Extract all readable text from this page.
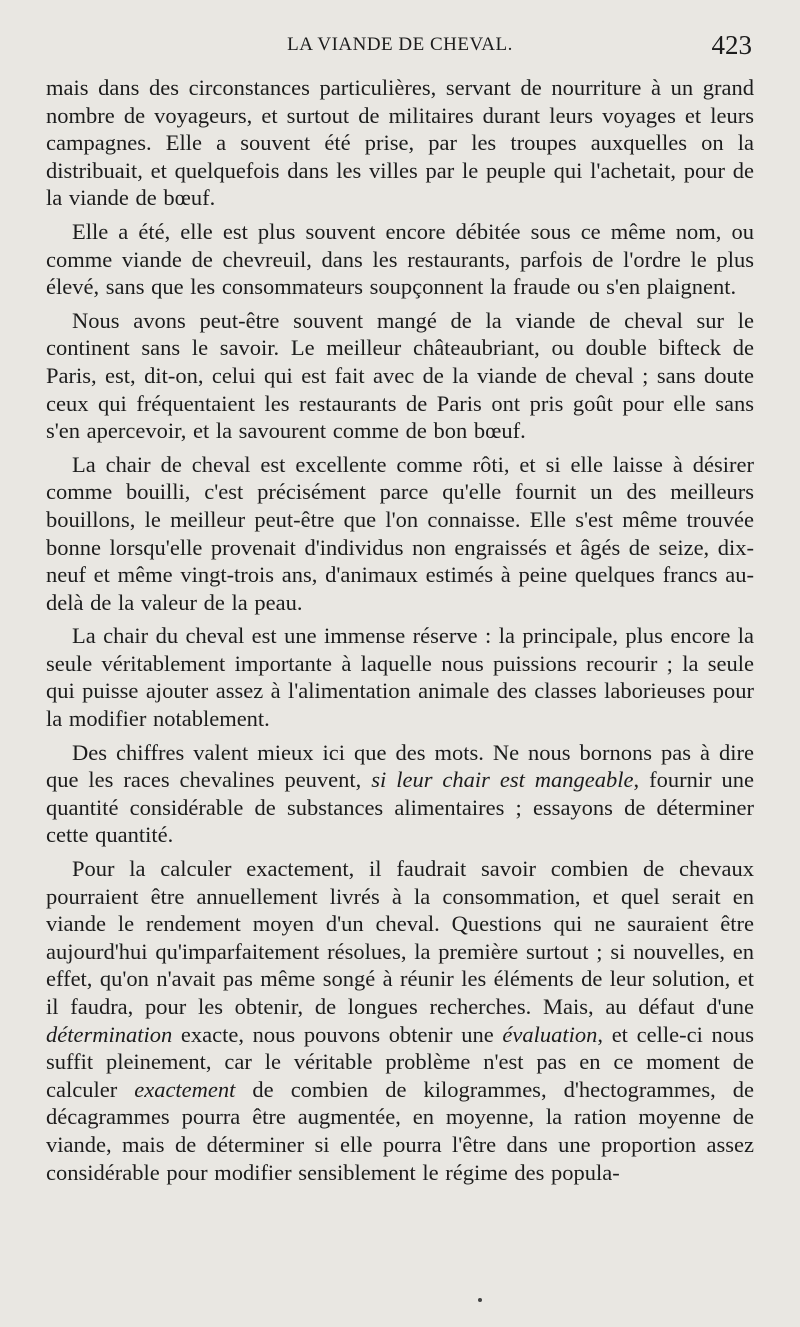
LA VIANDE DE CHEVAL.	423

mais dans des circonstances particulières, servant de nourriture à un grand nombre de voyageurs, et surtout de militaires durant leurs voyages et leurs campagnes. Elle a souvent été prise, par les troupes auxquelles on la distribuait, et quelquefois dans les villes par le peuple qui l'achetait, pour de la viande de bœuf.

Elle a été, elle est plus souvent encore débitée sous ce même nom, ou comme viande de chevreuil, dans les restaurants, parfois de l'ordre le plus élevé, sans que les consommateurs soupçonnent la fraude ou s'en plaignent.

Nous avons peut-être souvent mangé de la viande de cheval sur le continent sans le savoir. Le meilleur châteaubriant, ou double bifteck de Paris, est, dit-on, celui qui est fait avec de la viande de cheval ; sans doute ceux qui fréquentaient les restaurants de Paris ont pris goût pour elle sans s'en apercevoir, et la savourent comme de bon bœuf.

La chair de cheval est excellente comme rôti, et si elle laisse à désirer comme bouilli, c'est précisément parce qu'elle fournit un des meilleurs bouillons, le meilleur peut-être que l'on connaisse. Elle s'est même trouvée bonne lorsqu'elle provenait d'individus non engraissés et âgés de seize, dix-neuf et même vingt-trois ans, d'animaux estimés à peine quelques francs au-delà de la valeur de la peau.

La chair du cheval est une immense réserve : la principale, plus encore la seule véritablement importante à laquelle nous puissions recourir ; la seule qui puisse ajouter assez à l'alimentation animale des classes laborieuses pour la modifier notablement.

Des chiffres valent mieux ici que des mots. Ne nous bornons pas à dire que les races chevalines peuvent, si leur chair est mangeable, fournir une quantité considérable de substances alimentaires ; essayons de déterminer cette quantité.

Pour la calculer exactement, il faudrait savoir combien de chevaux pourraient être annuellement livrés à la consommation, et quel serait en viande le rendement moyen d'un cheval. Questions qui ne sauraient être aujourd'hui qu'imparfaitement résolues, la première surtout ; si nouvelles, en effet, qu'on n'avait pas même songé à réunir les éléments de leur solution, et il faudra, pour les obtenir, de longues recherches. Mais, au défaut d'une détermination exacte, nous pouvons obtenir une évaluation, et celle-ci nous suffit pleinement, car le véritable problème n'est pas en ce moment de calculer exactement de combien de kilogrammes, d'hectogrammes, de décagrammes pourra être augmentée, en moyenne, la ration moyenne de viande, mais de déterminer si elle pourra l'être dans une proportion assez considérable pour modifier sensiblement le régime des popula-
